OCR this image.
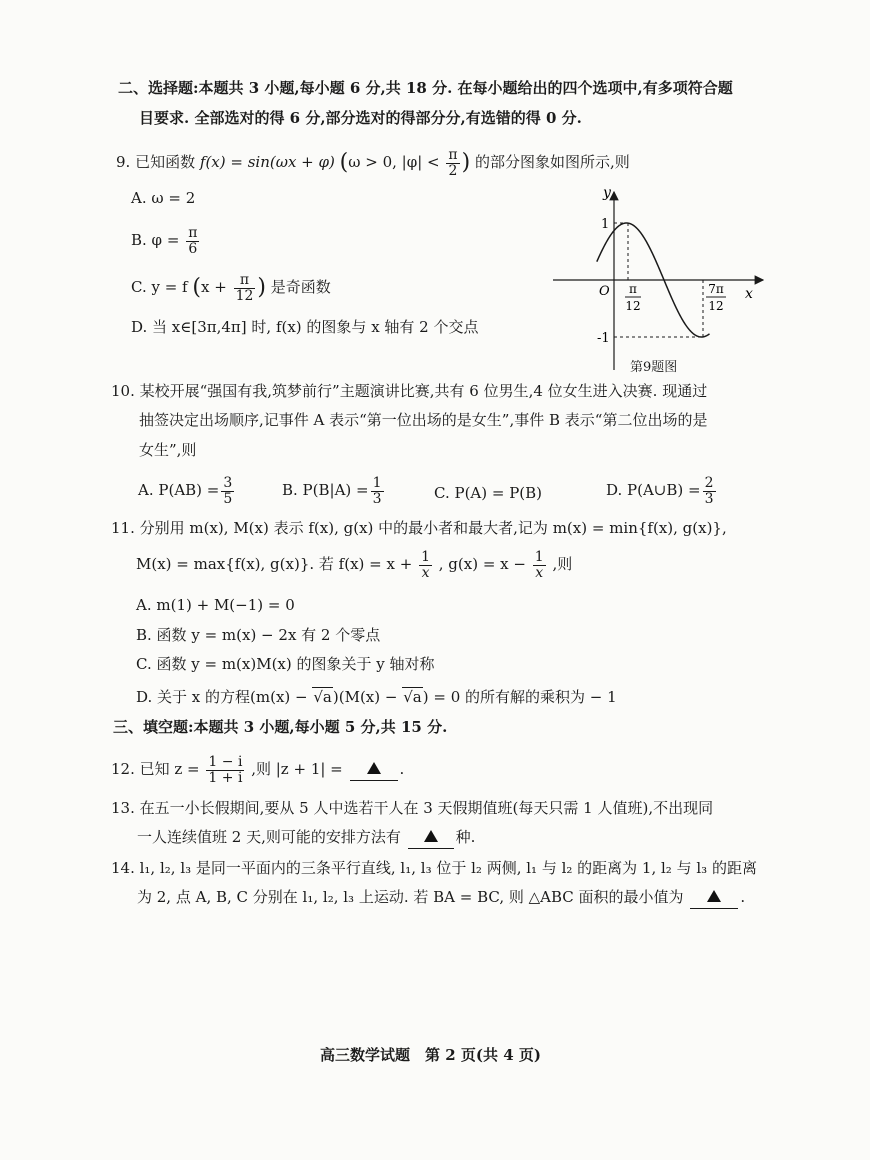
二、选择题:本题共 3 小题,每小题 6 分,共 18 分. 在每小题给出的四个选项中,有多项符合题
目要求. 全部选对的得 6 分,部分选对的得部分分,有选错的得 0 分.
9. 已知函数 f(x) = sin(ωx + φ) (ω > 0, $|\varphi| < \frac{\pi}{2}$ ) 的部分图象如图所示,则
A. ω = 2
B. $\varphi = \frac{\pi}{6}$
C. y = f ($x + \frac{\pi}{12}$ ) 是奇函数
D. 当 x∈[3π,4π] 时, f(x) 的图象与 x 轴有 2 个交点
y
x
O
1
-1
π
12
7π
12
第9题图
10. 某校开展“强国有我,筑梦前行”主题演讲比赛,共有 6 位男生,4 位女生进入决赛. 现通过
抽签决定出场顺序,记事件 A 表示“第一位出场的是女生”,事件 B 表示“第二位出场的是
女生”,则
A. $P(AB) = \frac{3}{5}$	B. $P(B|A) = \frac{1}{3}$	C. P(A) = P(B)	D. P(A∪B) = $\frac{2}{3}$
11. 分别用 m(x), M(x) 表示 f(x), g(x) 中的最小者和最大者,记为 m(x) = min{f(x), g(x)},
M(x) = max{f(x), g(x)}. 若 $f(x) = x + \frac{1}{x}$ , $g(x) = x - \frac{1}{x}$ ,则
A. m(1) + M(−1) = 0
B. 函数 y = m(x) − 2x 有 2 个零点
C. 函数 y = m(x)M(x) 的图象关于 y 轴对称
D. 关于 x 的方程(m(x) − √a)(M(x) − √a) = 0 的所有解的乘积为 − 1
三、填空题:本题共 3 小题,每小题 5 分,共 15 分.
12. 已知 $z = \frac{1 - i}{1 + i}$ ,则 |z + 1| =	.
13. 在五一小长假期间,要从 5 人中选若干人在 3 天假期值班(每天只需 1 人值班),不出现同
一人连续值班 2 天,则可能的安排方法有	种.
14. l₁, l₂, l₃ 是同一平面内的三条平行直线, l₁, l₃ 位于 l₂ 两侧, l₁ 与 l₂ 的距离为 1, l₂ 与 l₃ 的距离
为 2, 点 A, B, C 分别在 l₁, l₂, l₃ 上运动. 若 BA = BC, 则 △ABC 面积的最小值为	.
高三数学试题　第 2 页(共 4 页)
